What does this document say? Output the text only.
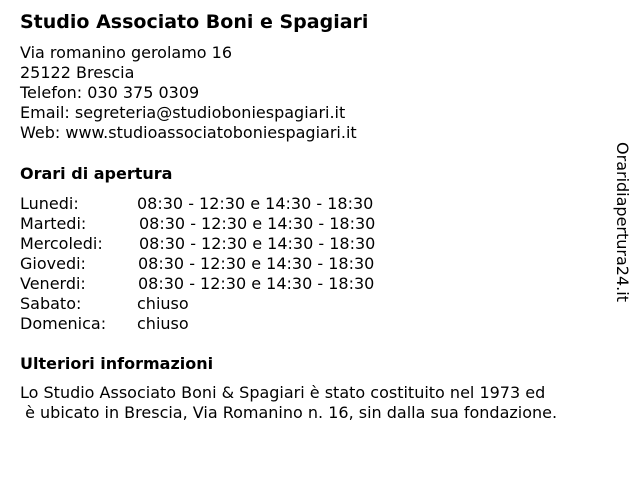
Studio Associato Boni e Spagiari
Via romanino gerolamo 16
25122 Brescia
Telefon: 030 375 0309
Email: segreteria@studioboniespagiari.it
Web: www.studioassociatoboniespagiari.it
Orari di apertura
Lunedi:	08:30 - 12:30 e 14:30 - 18:30
Martedi:	08:30 - 12:30 e 14:30 - 18:30
Mercoledi: 08:30 - 12:30 e 14:30 - 18:30
Giovedi:	08:30 - 12:30 e 14:30 - 18:30
Venerdi:	08:30 - 12:30 e 14:30 - 18:30
Sabato:	chiuso
Domenica: chiuso
Ulteriori informazioni
Lo Studio Associato Boni & Spagiari è stato costituito nel 1973 ed
è ubicato in Brescia, Via Romanino n. 16, sin dalla sua fondazione.
Oraridiapertura24.it
